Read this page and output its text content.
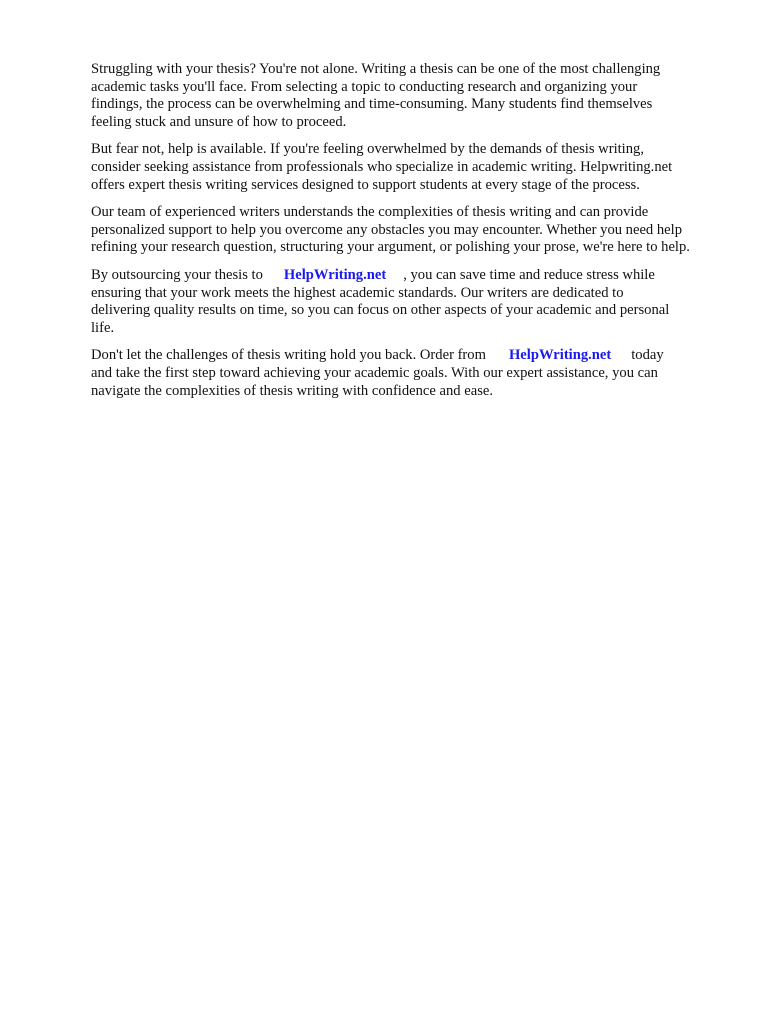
Struggling with your thesis? You're not alone. Writing a thesis can be one of the most challenging
academic tasks you'll face. From selecting a topic to conducting research and organizing your
findings, the process can be overwhelming and time-consuming. Many students find themselves
feeling stuck and unsure of how to proceed.

But fear not, help is available. If you're feeling overwhelmed by the demands of thesis writing,
consider seeking assistance from professionals who specialize in academic writing. Helpwriting.net
offers expert thesis writing services designed to support students at every stage of the process.

Our team of experienced writers understands the complexities of thesis writing and can provide
personalized support to help you overcome any obstacles you may encounter. Whether you need help
refining your research question, structuring your argument, or polishing your prose, we're here to help.

By outsourcing your thesis to HelpWriting.net , you can save time and reduce stress while
ensuring that your work meets the highest academic standards. Our writers are dedicated to
delivering quality results on time, so you can focus on other aspects of your academic and personal
life.

Don't let the challenges of thesis writing hold you back. Order from HelpWriting.net today
and take the first step toward achieving your academic goals. With our expert assistance, you can
navigate the complexities of thesis writing with confidence and ease.
